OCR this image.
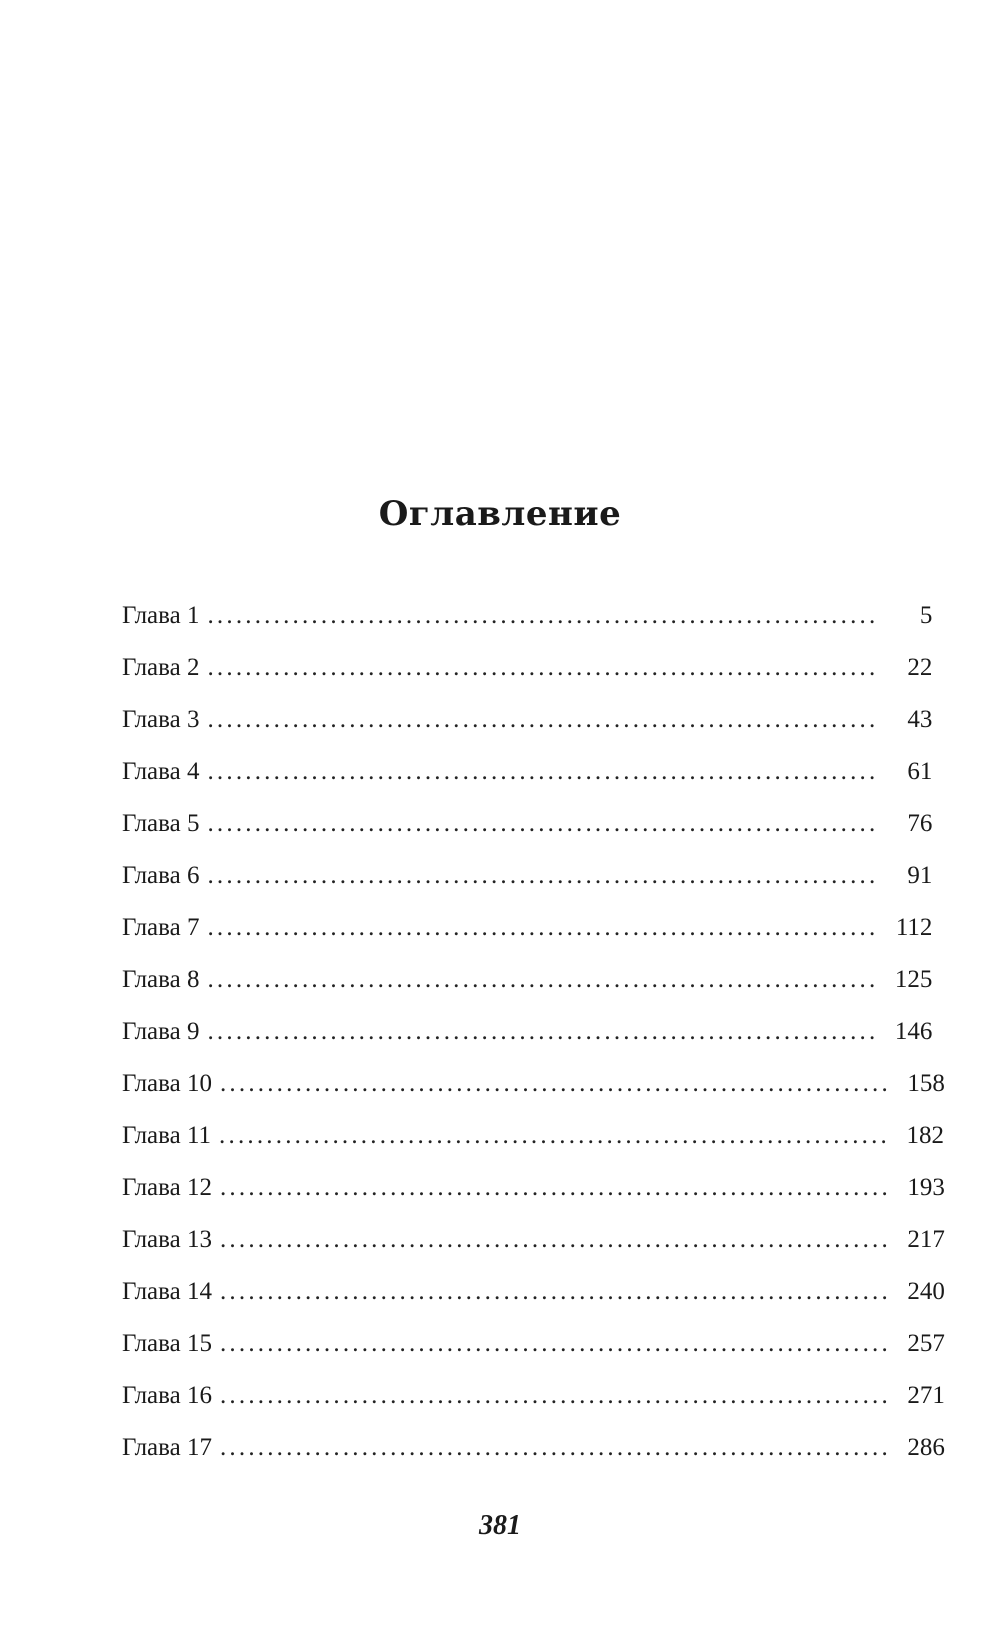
Оглавление
Глава 1 .......................................................................	5
Глава 2 .......................................................................	22
Глава 3 .......................................................................	43
Глава 4 .......................................................................	61
Глава 5 .......................................................................	76
Глава 6 .......................................................................	91
Глава 7 ....................................................................... 112
Глава 8 ....................................................................... 125
Глава 9 ....................................................................... 146
Глава 10 ....................................................................... 158
Глава 11 ....................................................................... 182
Глава 12 ....................................................................... 193
Глава 13 ....................................................................... 217
Глава 14 ....................................................................... 240
Глава 15 ....................................................................... 257
Глава 16 ....................................................................... 271
Глава 17 ....................................................................... 286
381
